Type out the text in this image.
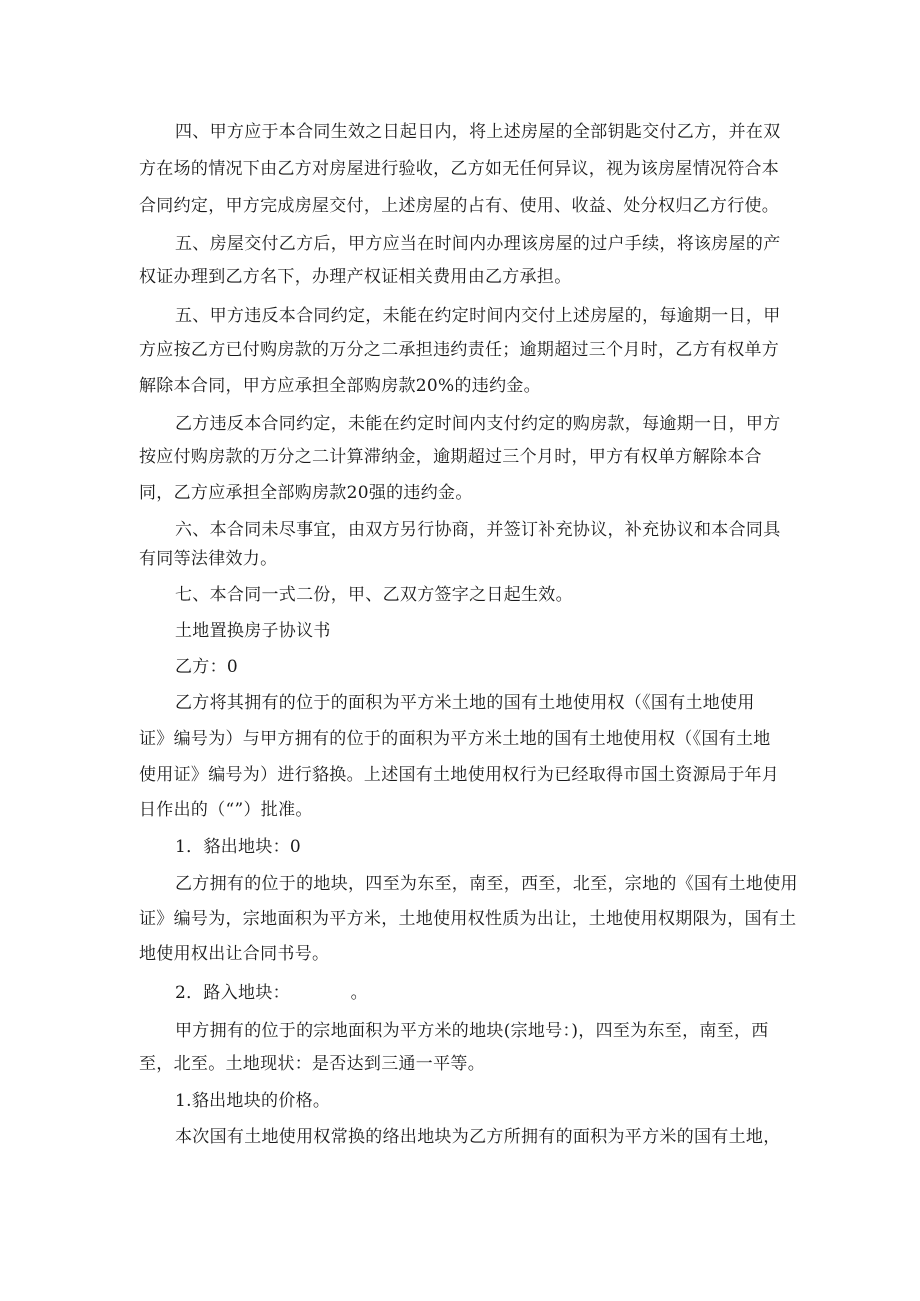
四、甲方应于本合同生效之日起日内，将上述房屋的全部钥匙交付乙方，并在双
方在场的情况下由乙方对房屋进行验收，乙方如无任何异议，视为该房屋情况符合本
合同约定，甲方完成房屋交付，上述房屋的占有、使用、收益、处分权归乙方行使。
五、房屋交付乙方后，甲方应当在时间内办理该房屋的过户手续，将该房屋的产
权证办理到乙方名下，办理产权证相关费用由乙方承担。
五、甲方违反本合同约定，未能在约定时间内交付上述房屋的，每逾期一日，甲
方应按乙方已付购房款的万分之二承担违约责任；逾期超过三个月时，乙方有权单方
解除本合同，甲方应承担全部购房款20%的违约金。
乙方违反本合同约定，未能在约定时间内支付约定的购房款，每逾期一日，甲方
按应付购房款的万分之二计算滞纳金，逾期超过三个月时，甲方有权单方解除本合
同，乙方应承担全部购房款20强的违约金。
六、本合同未尽事宜，由双方另行协商，并签订补充协议，补充协议和本合同具
有同等法律效力。
七、本合同一式二份，甲、乙双方签字之日起生效。
土地置换房子协议书
乙方：0
乙方将其拥有的位于的面积为平方米土地的国有土地使用权（《国有土地使用
证》编号为）与甲方拥有的位于的面积为平方米土地的国有土地使用权（《国有土地
使用证》编号为）进行貉换。上述国有土地使用权行为已经取得市国土资源局于年月
日作出的（“”）批准。
1．貉出地块：0
乙方拥有的位于的地块，四至为东至，南至，西至，北至，宗地的《国有土地使用
证》编号为，宗地面积为平方米，土地使用权性质为出让，土地使用权期限为，国有土
地使用权出让合同书号。
2．路入地块：　　　　。
甲方拥有的位于的宗地面积为平方米的地块(宗地号：)，四至为东至，南至，西
至，北至。土地现状：是否达到三通一平等。
1.貉出地块的价格。
本次国有土地使用权常换的络出地块为乙方所拥有的面积为平方米的国有土地，
